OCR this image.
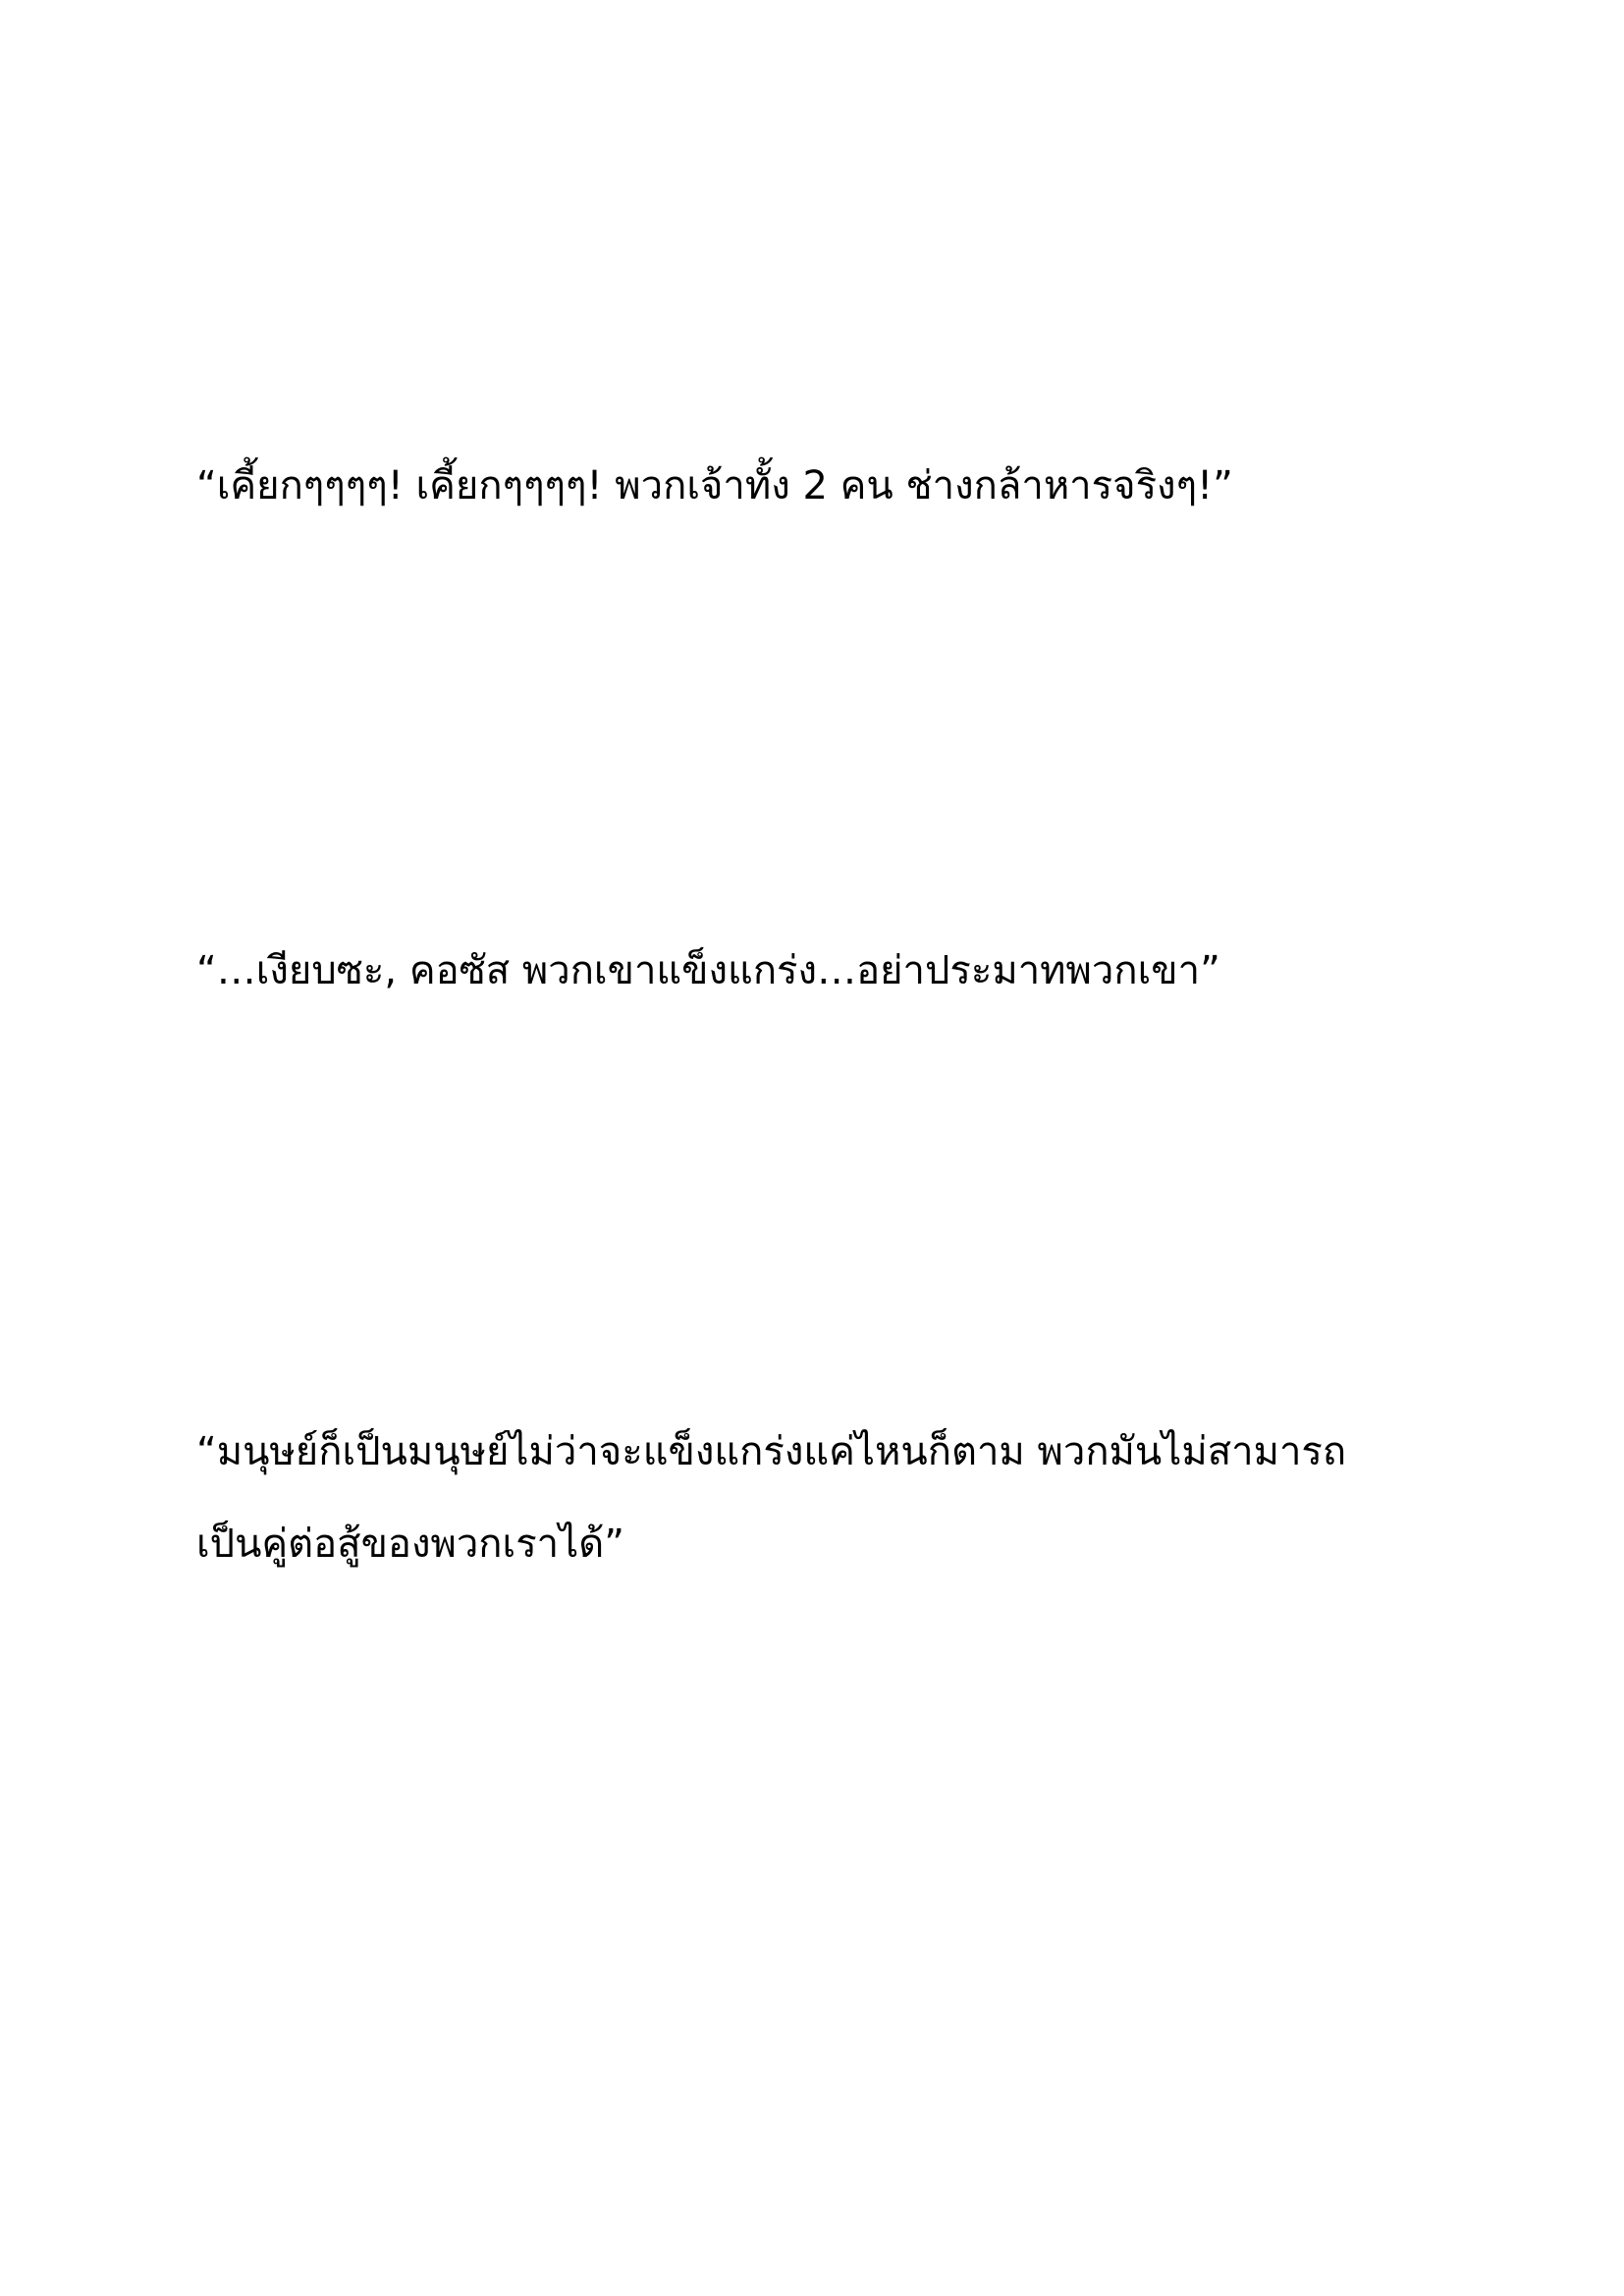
“เคี้ยกๆๆๆๆ! เคี้ยกๆๆๆๆ! พวกเจ้าทั้ง 2 คน ช่างกล้าหารจริงๆ!”

“…เงียบซะ, คอซัส พวกเขาแข็งแกร่ง…อย่าประมาทพวกเขา”

“มนุษย์ก็เป็นมนุษย์ไม่ว่าจะแข็งแกร่งแค่ไหนก็ตาม พวกมันไม่สามารถ
เป็นคู่ต่อสู้ของพวกเราได้”
